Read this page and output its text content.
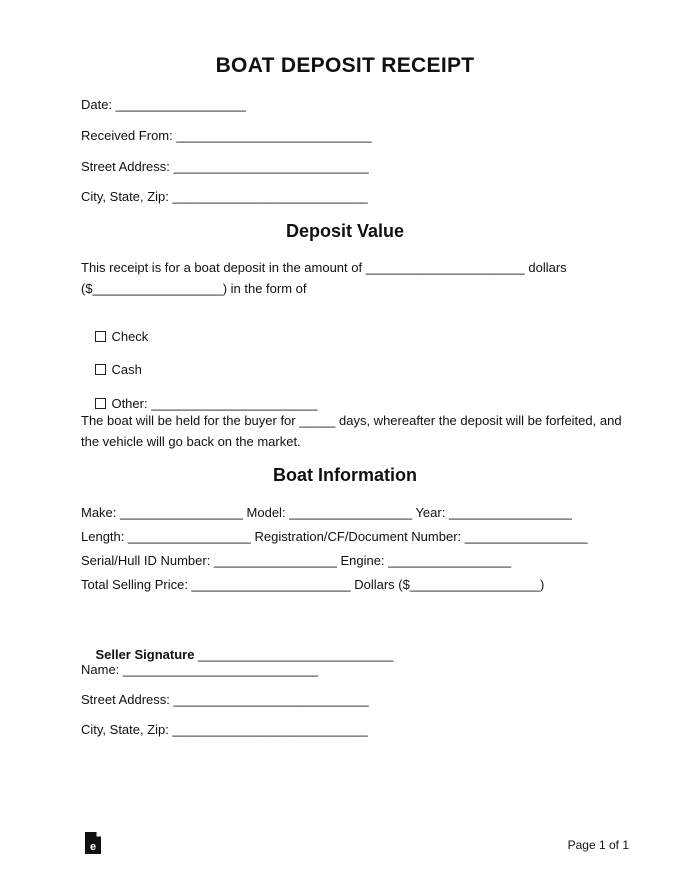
BOAT DEPOSIT RECEIPT
Date: __________________
Received From: ___________________________
Street Address: ___________________________
City, State, Zip: ___________________________
Deposit Value
This receipt is for a boat deposit in the amount of ______________________ dollars
($__________________) in the form of

Check

Cash

Other: _______________________

The boat will be held for the buyer for _____ days, whereafter the deposit will be forfeited, and
the vehicle will go back on the market.
Boat Information
Make: _________________ Model: _________________ Year: _________________
Length: _________________ Registration/CF/Document Number: _________________
Serial/Hull ID Number: _________________ Engine: _________________
Total Selling Price: ______________________ Dollars ($__________________)

Seller Signature ___________________________

Name: ___________________________
Street Address: ___________________________
City, State, Zip: ___________________________
e	Page 1 of 1
